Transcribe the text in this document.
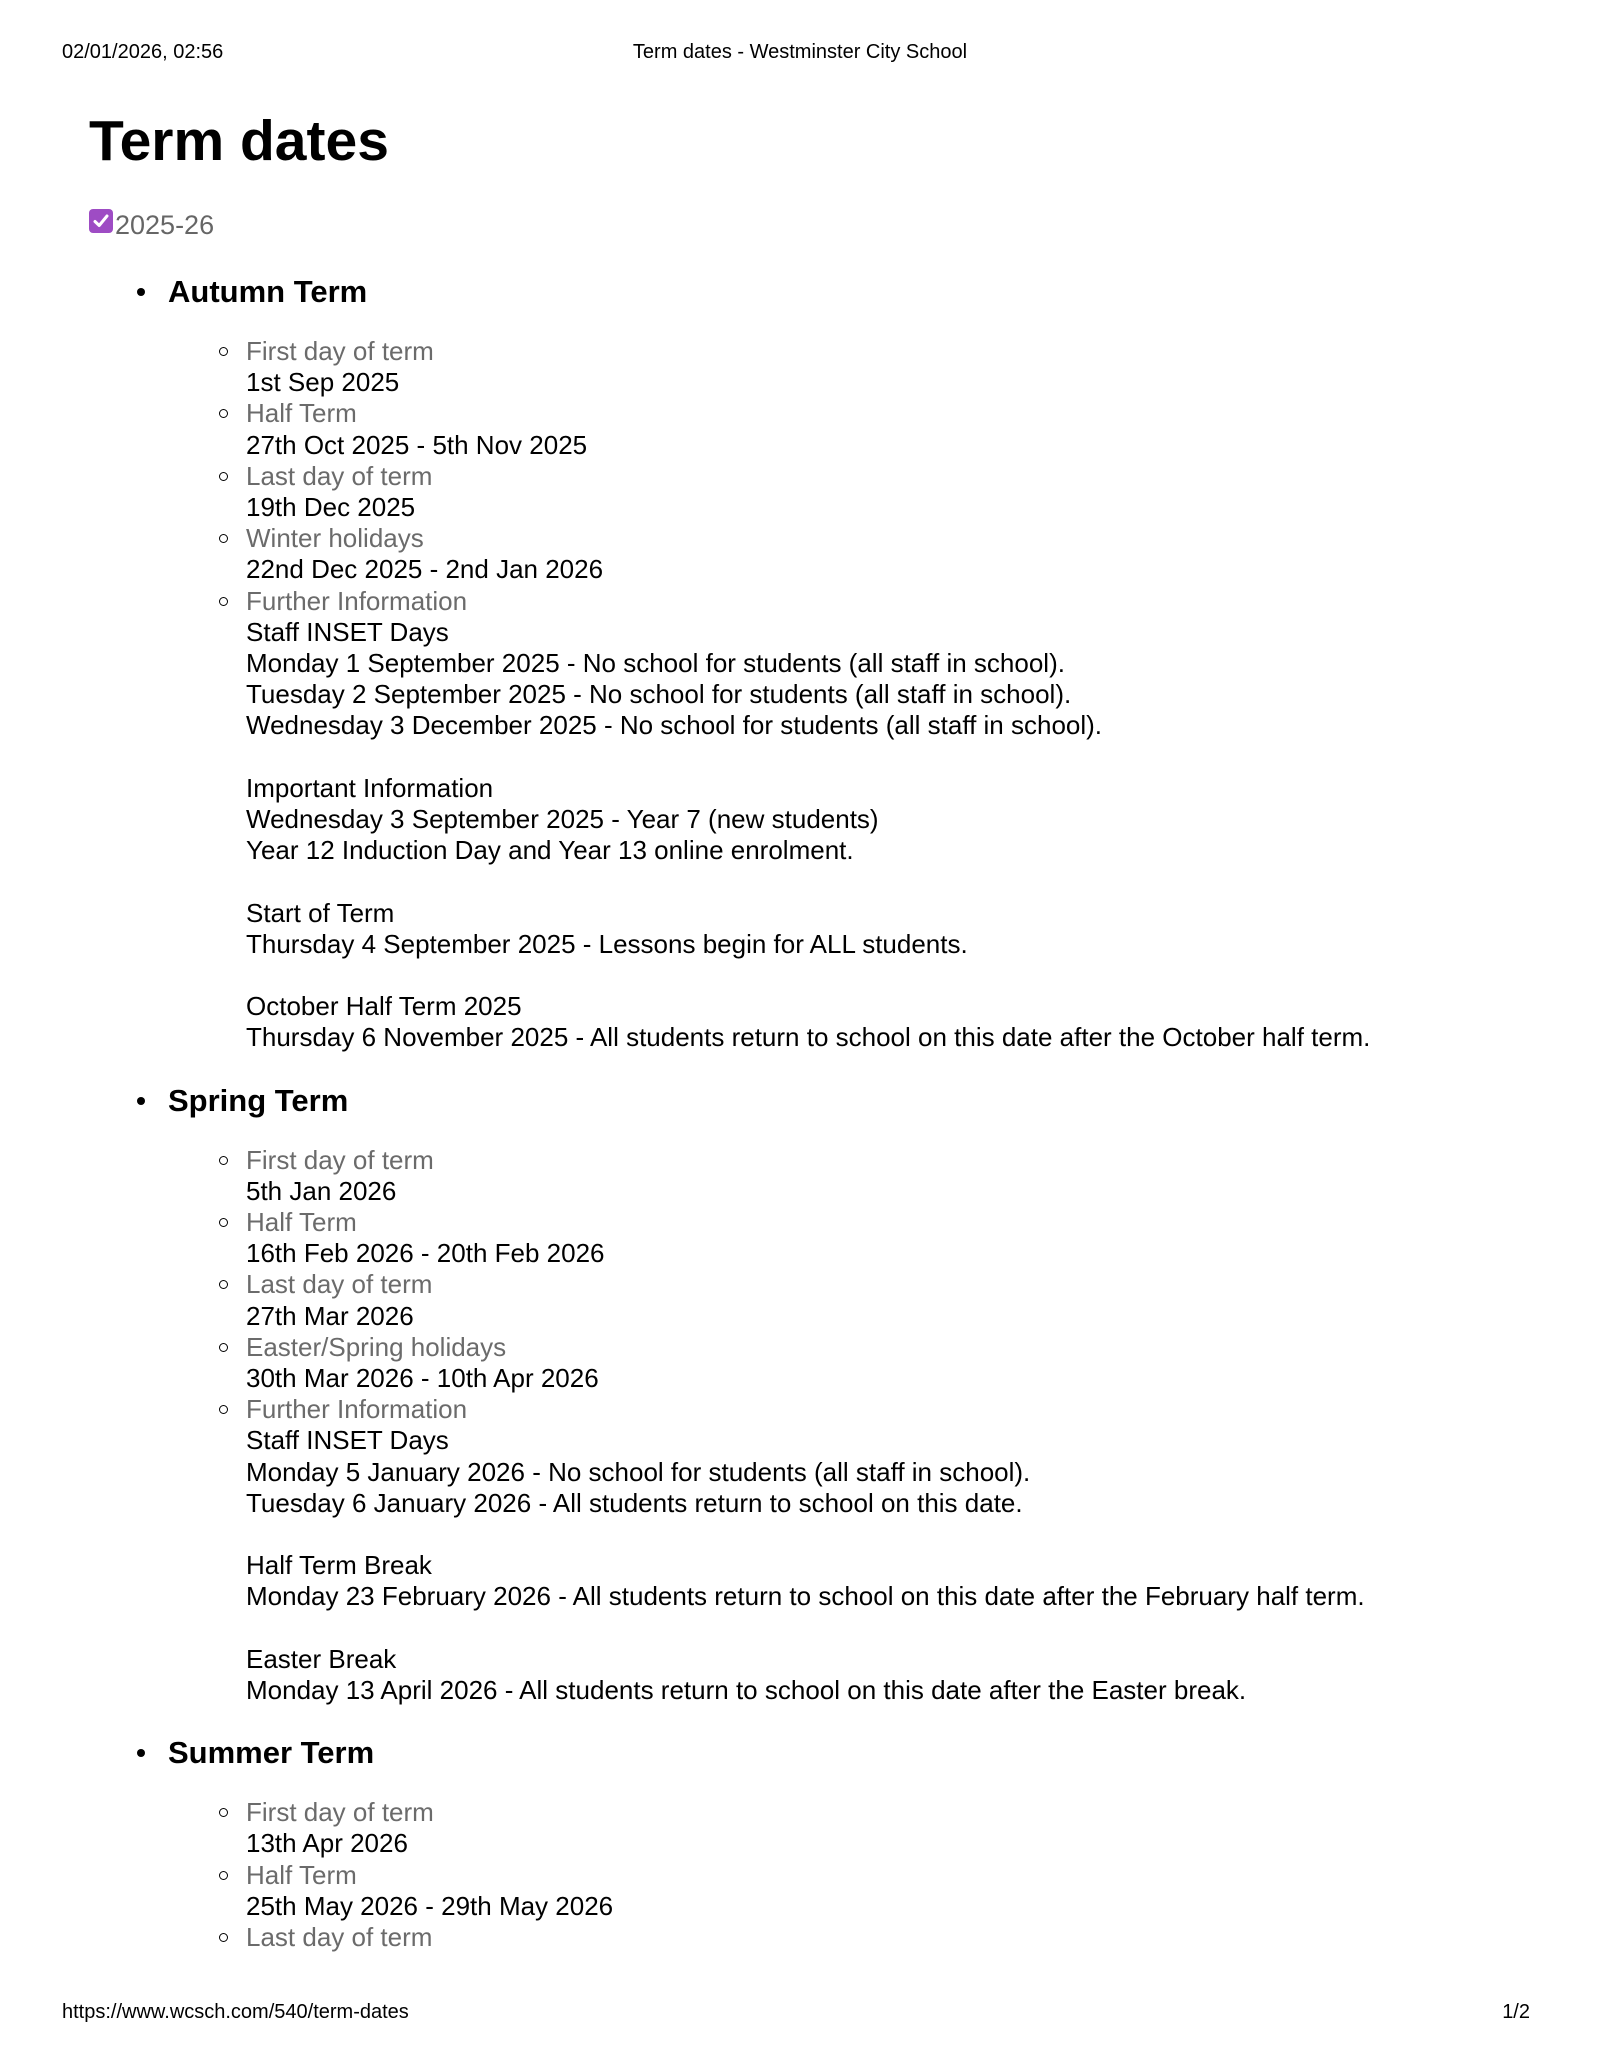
02/01/2026, 02:56	Term dates - Westminster City School
Term dates
2025-26
Autumn Term
First day of term
1st Sep 2025
Half Term
27th Oct 2025 - 5th Nov 2025
Last day of term
19th Dec 2025
Winter holidays
22nd Dec 2025 - 2nd Jan 2026
Further Information
Staff INSET Days
Monday 1 September 2025 - No school for students (all staff in school).
Tuesday 2 September 2025 - No school for students (all staff in school).
Wednesday 3 December 2025 - No school for students (all staff in school).
Important Information
Wednesday 3 September 2025 - Year 7 (new students)
Year 12 Induction Day and Year 13 online enrolment.
Start of Term
Thursday 4 September 2025 - Lessons begin for ALL students.
October Half Term 2025
Thursday 6 November 2025 - All students return to school on this date after the October half term.
Spring Term
First day of term
5th Jan 2026
Half Term
16th Feb 2026 - 20th Feb 2026
Last day of term
27th Mar 2026
Easter/Spring holidays
30th Mar 2026 - 10th Apr 2026
Further Information
Staff INSET Days
Monday 5 January 2026 - No school for students (all staff in school).
Tuesday 6 January 2026 - All students return to school on this date.
Half Term Break
Monday 23 February 2026 - All students return to school on this date after the February half term.
Easter Break
Monday 13 April 2026 - All students return to school on this date after the Easter break.
Summer Term
First day of term
13th Apr 2026
Half Term
25th May 2026 - 29th May 2026
Last day of term
https://www.wcsch.com/540/term-dates	1/2
